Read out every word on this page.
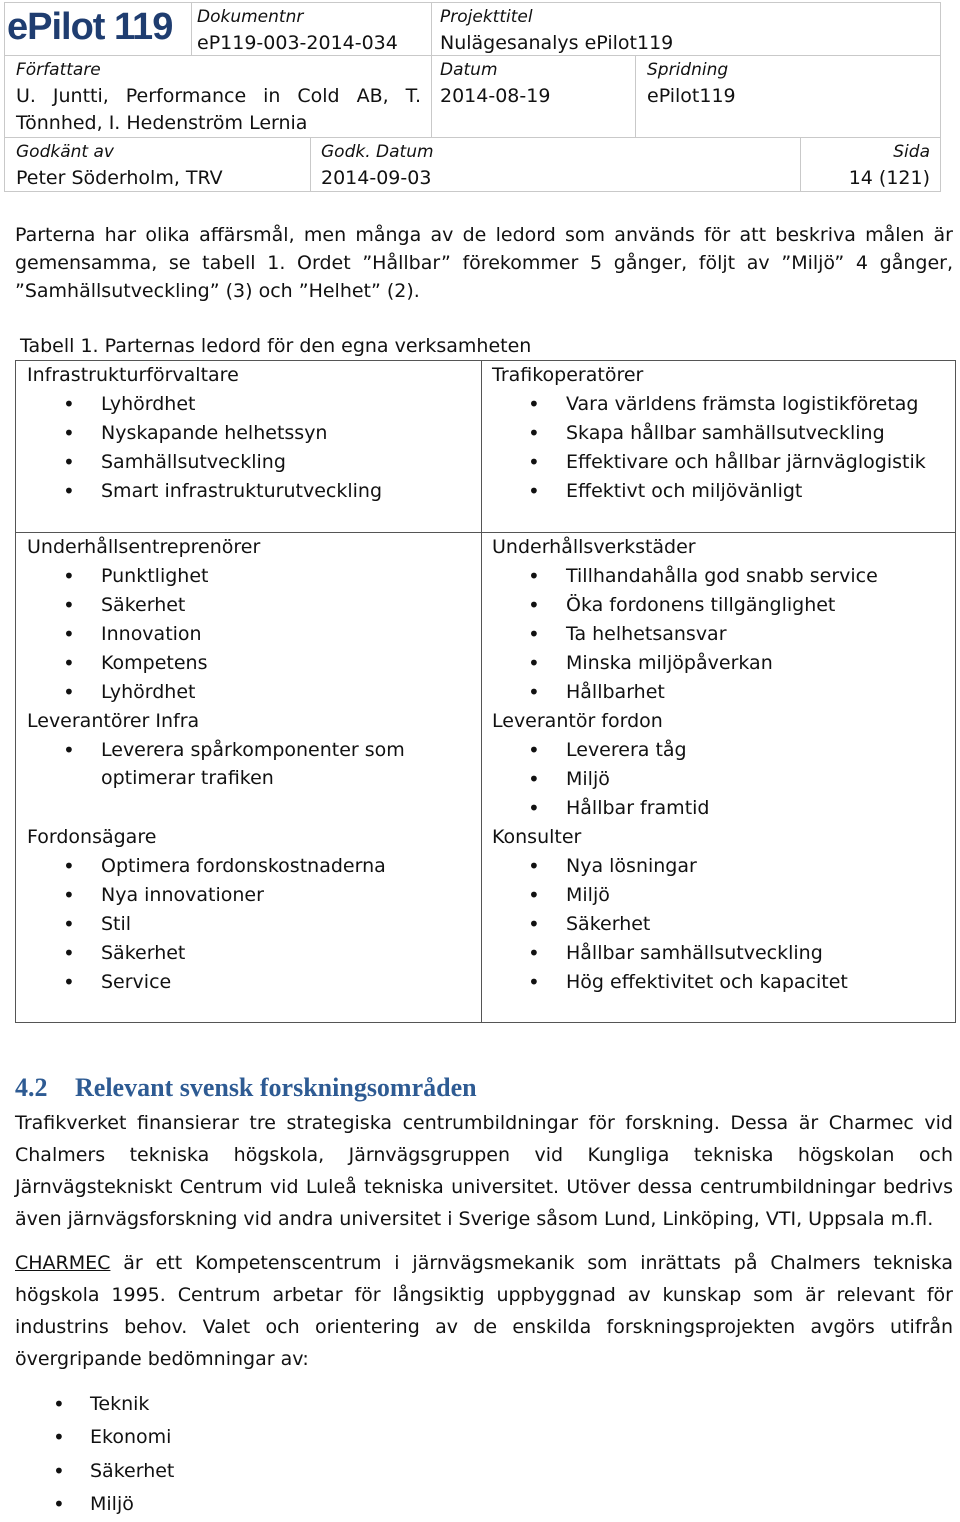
ePilot 119 Dokumentnr
eP119-003-2014-034
Projekttitel
Nulägesanalys ePilot119
Författare
U. Juntti, Performance in Cold AB, T. Tönnhed, I. Hedenström Lernia
Datum
2014-08-19
Spridning
ePilot119
Godkänt av
Peter Söderholm, TRV
Godk. Datum
2014-09-03
Sida
14 (121)
Parterna har olika affärsmål, men många av de ledord som används för att beskriva målen är gemensamma, se tabell 1. Ordet ”Hållbar” förekommer 5 gånger, följt av ”Miljö” 4 gånger, ”Samhällsutveckling” (3) och ”Helhet” (2).
Tabell 1. Parternas ledord för den egna verksamheten
Infrastrukturförvaltare
• Lyhördhet
• Nyskapande helhetssyn
• Samhällsutveckling
• Smart infrastrukturutveckling
Trafikoperatörer
• Vara världens främsta logistikföretag
• Skapa hållbar samhällsutveckling
• Effektivare och hållbar järnväglogistik
• Effektivt och miljövänligt
Underhållsentreprenörer
• Punktlighet
• Säkerhet
• Innovation
• Kompetens
• Lyhördhet
Underhållsverkstäder
• Tillhandahålla god snabb service
• Öka fordonens tillgänglighet
• Ta helhetsansvar
• Minska miljöpåverkan
• Hållbarhet
Leverantörer Infra
• Leverera spårkomponenter som optimerar trafiken
Leverantör fordon
• Leverera tåg
• Miljö
• Hållbar framtid
Fordonsägare
• Optimera fordonskostnaderna
• Nya innovationer
• Stil
• Säkerhet
• Service
Konsulter
• Nya lösningar
• Miljö
• Säkerhet
• Hållbar samhällsutveckling
• Hög effektivitet och kapacitet
4.2 Relevant svensk forskningsområden
Trafikverket finansierar tre strategiska centrumbildningar för forskning. Dessa är Charmec vid Chalmers tekniska högskola, Järnvägsgruppen vid Kungliga tekniska högskolan och Järnvägstekniskt Centrum vid Luleå tekniska universitet. Utöver dessa centrumbildningar bedrivs även järnvägsforskning vid andra universitet i Sverige såsom Lund, Linköping, VTI, Uppsala m.fl.
CHARMEC är ett Kompetenscentrum i järnvägsmekanik som inrättats på Chalmers tekniska högskola 1995. Centrum arbetar för långsiktig uppbyggnad av kunskap som är relevant för industrins behov. Valet och orientering av de enskilda forskningsprojekten avgörs utifrån övergripande bedömningar av:
• Teknik
• Ekonomi
• Säkerhet
• Miljö
